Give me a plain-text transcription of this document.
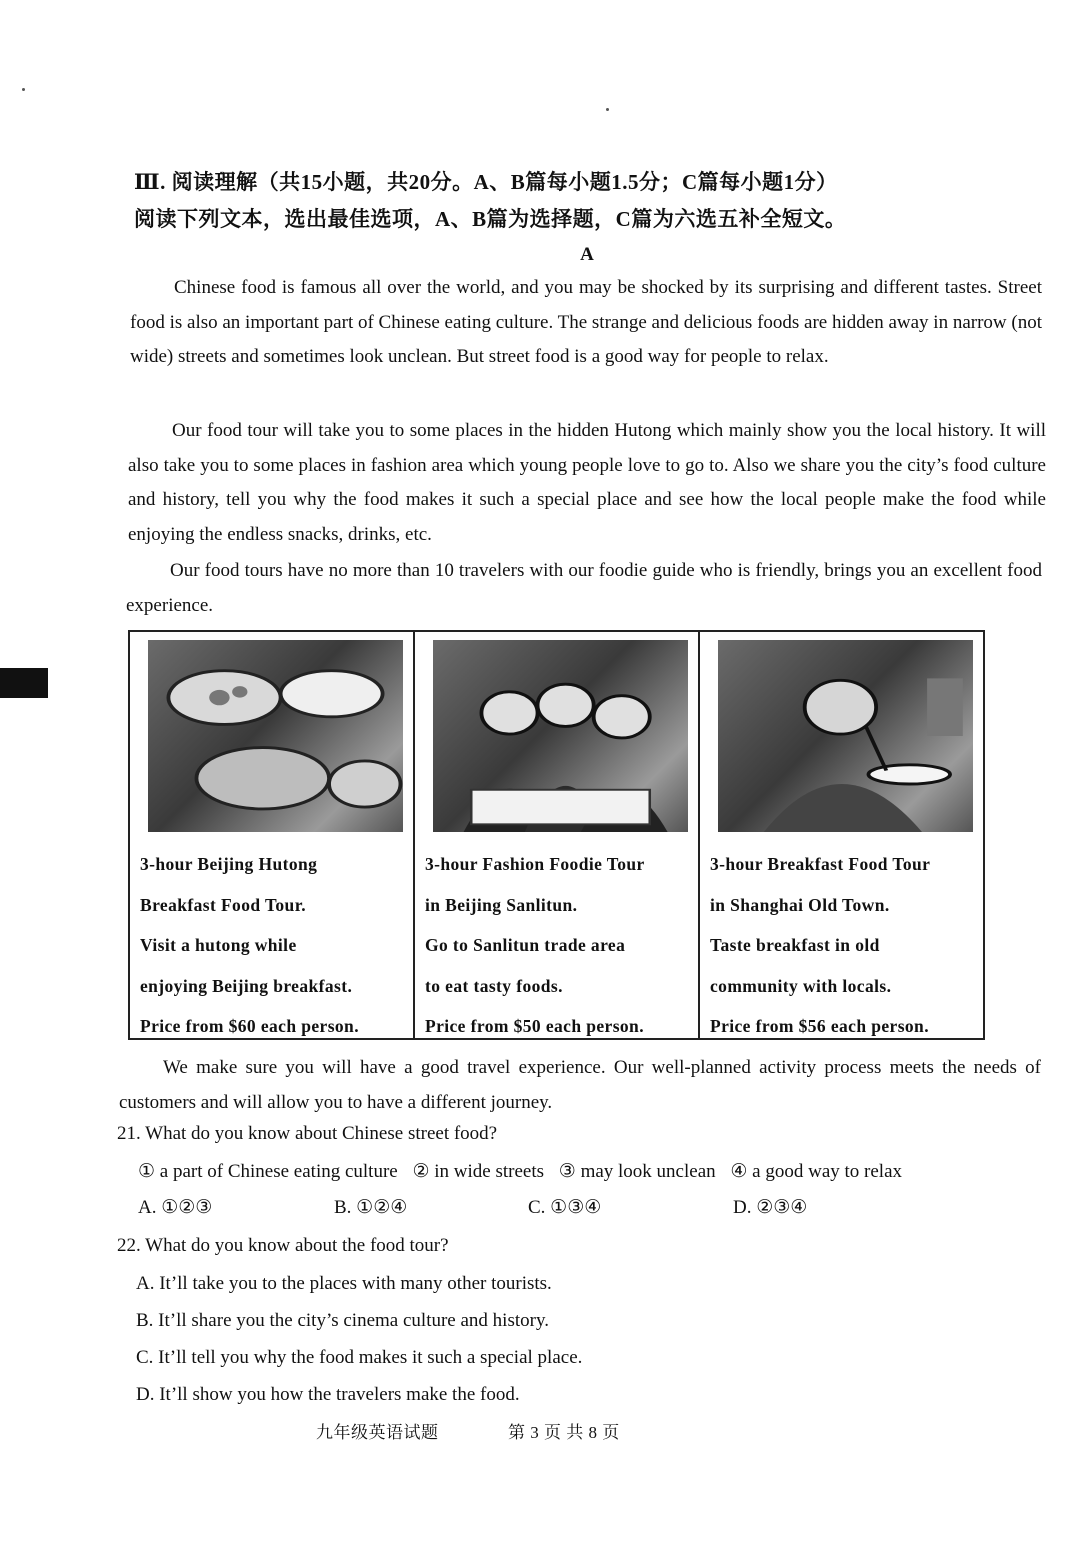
Ⅲ. 阅读理解（共15小题，共20分。A、B篇每小题1.5分；C篇每小题1分）
阅读下列文本，选出最佳选项，A、B篇为选择题，C篇为六选五补全短文。
A
Chinese food is famous all over the world, and you may be shocked by its surprising and different tastes. Street food is also an important part of Chinese eating culture. The strange and delicious foods are hidden away in narrow (not wide) streets and sometimes look unclean. But street food is a good way for people to relax.
Our food tour will take you to some places in the hidden Hutong which mainly show you the local history. It will also take you to some places in fashion area which young people love to go to. Also we share you the city’s food culture and history, tell you why the food makes it such a special place and see how the local people make the food while enjoying the endless snacks, drinks, etc.
Our food tours have no more than 10 travelers with our foodie guide who is friendly, brings you an excellent food experience.
3-hour Beijing Hutong
Breakfast Food Tour.
Visit a hutong while
enjoying Beijing breakfast.
Price from $60 each person.
3-hour Fashion Foodie Tour
in Beijing Sanlitun.
Go to Sanlitun trade area
to eat tasty foods.
Price from $50 each person.
3-hour Breakfast Food Tour
in Shanghai Old Town.
Taste breakfast in old
community with locals.
Price from $56 each person.
We make sure you will have a good travel experience. Our well-planned activity process meets the needs of customers and will allow you to have a different journey.
21. What do you know about Chinese street food?
① a part of Chinese eating culture ② in wide streets ③ may look unclean ④ a good way to relax
A. ①②③	B. ①②④	C. ①③④	D. ②③④
22. What do you know about the food tour?
A. It’ll take you to the places with many other tourists.
B. It’ll share you the city’s cinema culture and history.
C. It’ll tell you why the food makes it such a special place.
D. It’ll show you how the travelers make the food.
九年级英语试题	第 3 页 共 8 页
